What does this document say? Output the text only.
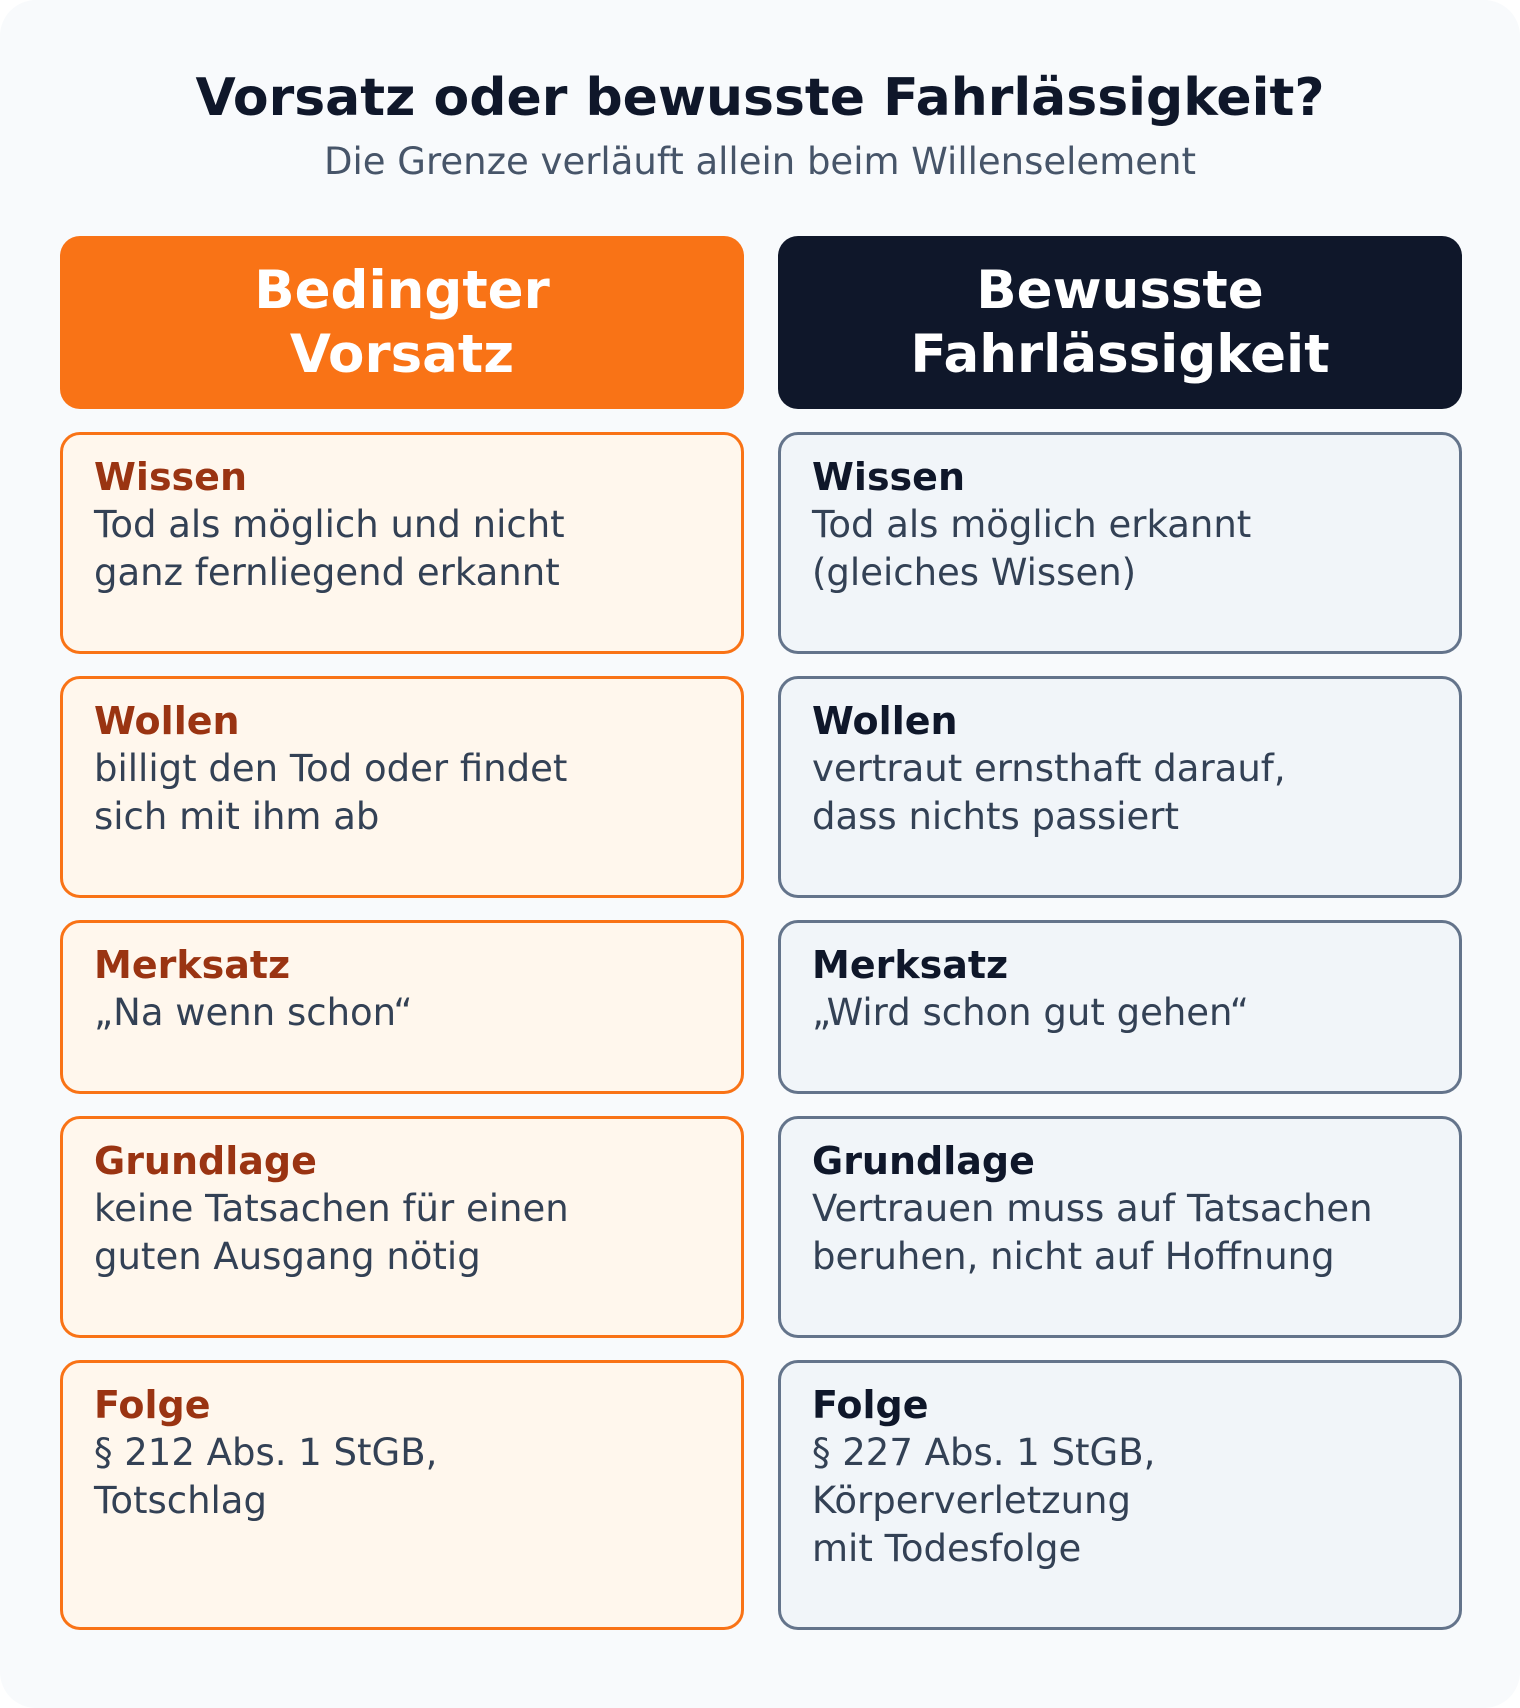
Vorsatz oder bewusste Fahrlässigkeit?
Die Grenze verläuft allein beim Willenselement
Bedingter
Vorsatz
Bewusste
Fahrlässigkeit

Wissen

Tod als möglich und nicht
ganz fernliegend erkannt

Wollen

billigt den Tod oder findet
sich mit ihm ab

Merksatz

„Na wenn schon“

Grundlage

keine Tatsachen für einen
guten Ausgang nötig

Folge

§ 212 Abs. 1 StGB,
Totschlag

Wissen

Tod als möglich erkannt
(gleiches Wissen)

Wollen

vertraut ernsthaft darauf,
dass nichts passiert

Merksatz

„Wird schon gut gehen“

Grundlage

Vertrauen muss auf Tatsachen
beruhen, nicht auf Hoffnung

Folge

§ 227 Abs. 1 StGB,
Körperverletzung
mit Todesfolge
